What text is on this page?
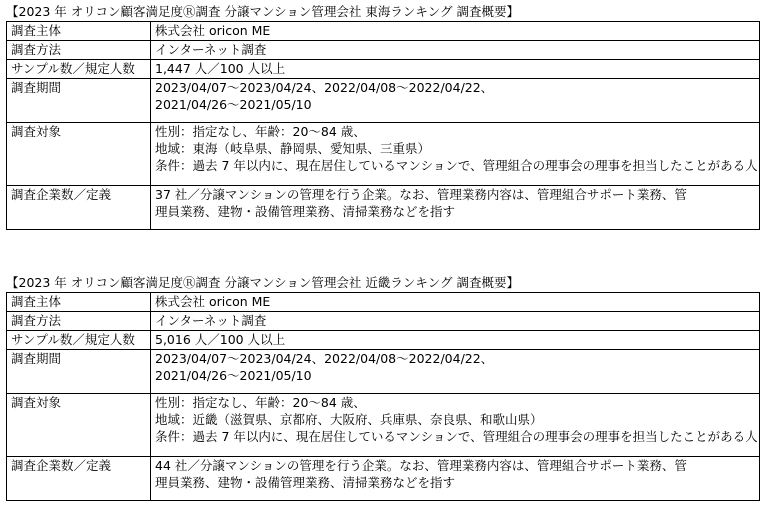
【2023 年 オリコン顧客満足度Ⓡ調査 分譲マンション管理会社 東海ランキング 調査概要】
調査主体	株式会社 oricon ME

調査方法	インターネット調査

サンプル数／規定人数	1,447 人／100 人以上

調査期間	2023/04/07～2023/04/24、2022/04/08～2022/04/22、
2021/04/26～2021/05/10

調査対象	性別：指定なし、年齢：20～84 歳、
地域：東海（岐阜県、静岡県、愛知県、三重県）
条件：過去 7 年以内に、現在居住しているマンションで、管理組合の理事会の理事を担当したことがある人

調査企業数／定義	37 社／分譲マンションの管理を行う企業。なお、管理業務内容は、管理組合サポート業務、管
理員業務、建物・設備管理業務、清掃業務などを指す
【2023 年 オリコン顧客満足度Ⓡ調査 分譲マンション管理会社 近畿ランキング 調査概要】
調査主体	株式会社 oricon ME

調査方法	インターネット調査

サンプル数／規定人数	5,016 人／100 人以上

調査期間	2023/04/07～2023/04/24、2022/04/08～2022/04/22、
2021/04/26～2021/05/10

調査対象	性別：指定なし、年齢：20～84 歳、
地域：近畿（滋賀県、京都府、大阪府、兵庫県、奈良県、和歌山県）
条件：過去 7 年以内に、現在居住しているマンションで、管理組合の理事会の理事を担当したことがある人

調査企業数／定義	44 社／分譲マンションの管理を行う企業。なお、管理業務内容は、管理組合サポート業務、管
理員業務、建物・設備管理業務、清掃業務などを指す
